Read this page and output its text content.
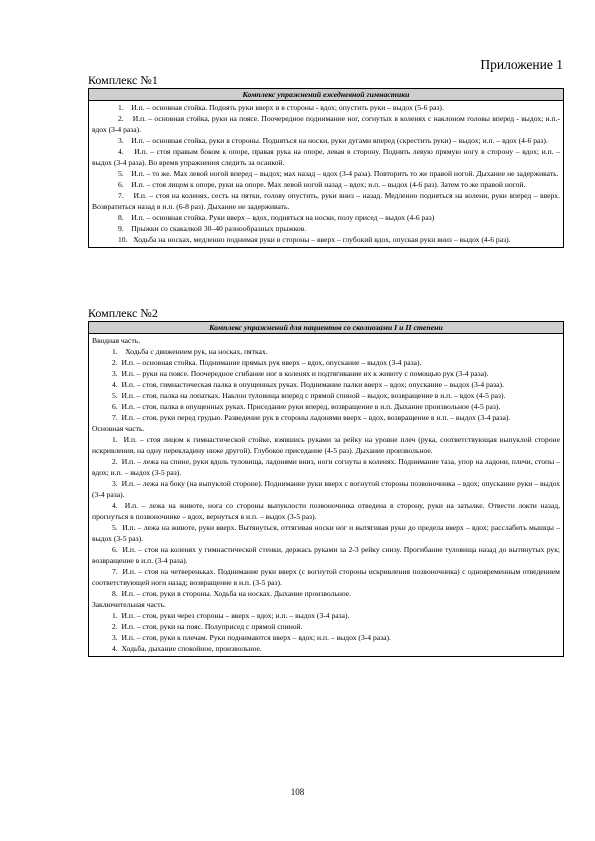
Приложение 1
Комплекс №1
Комплекс упражнений ежедневной гимнастики

1.    И.п. – основная стойка. Поднять руки вверх и в стороны - вдох; опустить руки – выдох (5-6 раз).

2.    И.п. – основная стойка, руки на поясе. Поочередное поднимание ног, согнутых в коленях с наклоном головы вперед - выдох; и.п.- вдох (3-4 раза).

3.    И.п. – основная стойка, руки в стороны. Подняться на носки, руки дугами вперед (скрестить руки) – выдох; и.п. – вдох (4-6 раз).

4.    И.п. – стоя правым боком к опоре, правая рука на опоре, левая в сторону. Поднять левую прямую ногу в сторону – вдох; и.п. – выдох (3-4 раза). Во время упражнения следить за осанкой.

5.    И.п. – то же. Мах левой ногой вперед – выдох; мах назад – вдох (3-4 раза). Повторить то же правой ногой. Дыхание не задерживать.

6.    И.п. – стоя лицом к опоре, руки на опоре. Мах левой ногой назад – вдох; и.п. – выдох (4-6 раз). Затем то же правой ногой.

7.    И.п. – стоя на коленях, сесть на пятки, голову опустить, руки вниз – назад. Медленно подняться на колени, руки вперед – вверх. Возвратиться назад в и.п. (6-8 раз). Дыхание не задерживать.

8.    И.п. – основная стойка. Руки вверх – вдох, подняться на носки, полу присед – выдох (4-6 раз)

9.    Прыжки со скакалкой 30–40 разнообразных прыжков.

10.   Ходьба на носках, медленно поднимая руки в стороны – вверх – глубокий вдох, опуская руки вниз – выдох (4-6 раз).

Комплекс №2
Комплекс упражнений для пациентов со сколиозами I и II степени

Вводная часть.

1.    Ходьба с движением рук, на носках, пятках.

2.  И.п. – основная стойка. Поднимание прямых рук вверх – вдох, опускание – выдох (3-4 раза).

3.  И.п. – руки на поясе. Поочередное сгибание ног в коленях и подтягивание их к животу с помощью рук (3-4 раза).

4.  И.п. – стоя, гимнастическая палка в опущенных руках. Поднимание палки вверх – вдох; опускание – выдох (3-4 раза).

5.  И.п. – стоя, палка на лопатках. Наклон туловища вперед с прямой спиной – выдох, возвращение в и.п. – вдох (4-5 раз).

6.  И.п. – стоя, палка в опущенных руках. Приседание руки вперед, возвращение в и.п. Дыхание произвольное (4-5 раз).

7.  И.п. – стоя, руки перед грудью. Разведение рук в стороны ладонями вверх – вдох, возвращение в и.п. – выдох (3-4 раза).

Основная часть.

1.  И.п. – стоя лицом к гимнастической стойке, взявшись руками за рейку на уровне плеч (рука, соответствующая выпуклой стороне искривления, на одну перекладину ниже другой). Глубокое приседание (4-5 раз). Дыхание произвольное.

2.  И.п. – лежа на спине, руки вдоль туловища, ладонями вниз, ноги согнуты в коленях. Поднимание таза, упор на ладони, плечи, стопы – вдох; и.п. – выдох (3-5 раз).

3.  И.п. – лежа на боку (на выпуклой стороне). Поднимание руки вверх с вогнутой стороны позвоночника – вдох; опускание руки – выдох (3-4 раза).

4.  И.п. – лежа на животе, нога со стороны выпуклости позвоночника отведена в сторону, руки на затылке. Отвести локти назад, прогнуться в позвоночнике – вдох, вернуться в и.п. – выдох (3-5 раз).

5.  И.п. – лежа на животе, руки вверх. Вытянуться, оттягивая носки ног и вытягивая руки до предела вверх – вдох; расслабить мышцы – выдох (3-5 раз).

6.  И.п. – стоя на коленях у гимнастической стенки, держась руками за 2-3 рейку снизу. Прогибание туловища назад до вытянутых рук; возвращение в и.п. (3-4 раза).

7.  И.п. – стоя на четвереньках. Поднимание руки вверх (с вогнутой стороны искривления позвоночника) с одновременным отведением соответствующей ноги назад; возвращение в и.п. (3-5 раз).

8.  И.п. – стоя, руки в стороны. Ходьба на носках. Дыхание произвольное.

Заключительная часть.

1.  И.п. – стоя, руки через стороны – вверх – вдох; и.п. – выдох (3-4 раза).

2.  И.п. – стоя, руки на пояс. Полуприсед с прямой спиной.

3.  И.п. – стоя, руки к плечам. Руки поднимаются вверх – вдох; и.п. – выдох (3-4 раза).

4.  Ходьба, дыхание спокойное, произвольное.

108
